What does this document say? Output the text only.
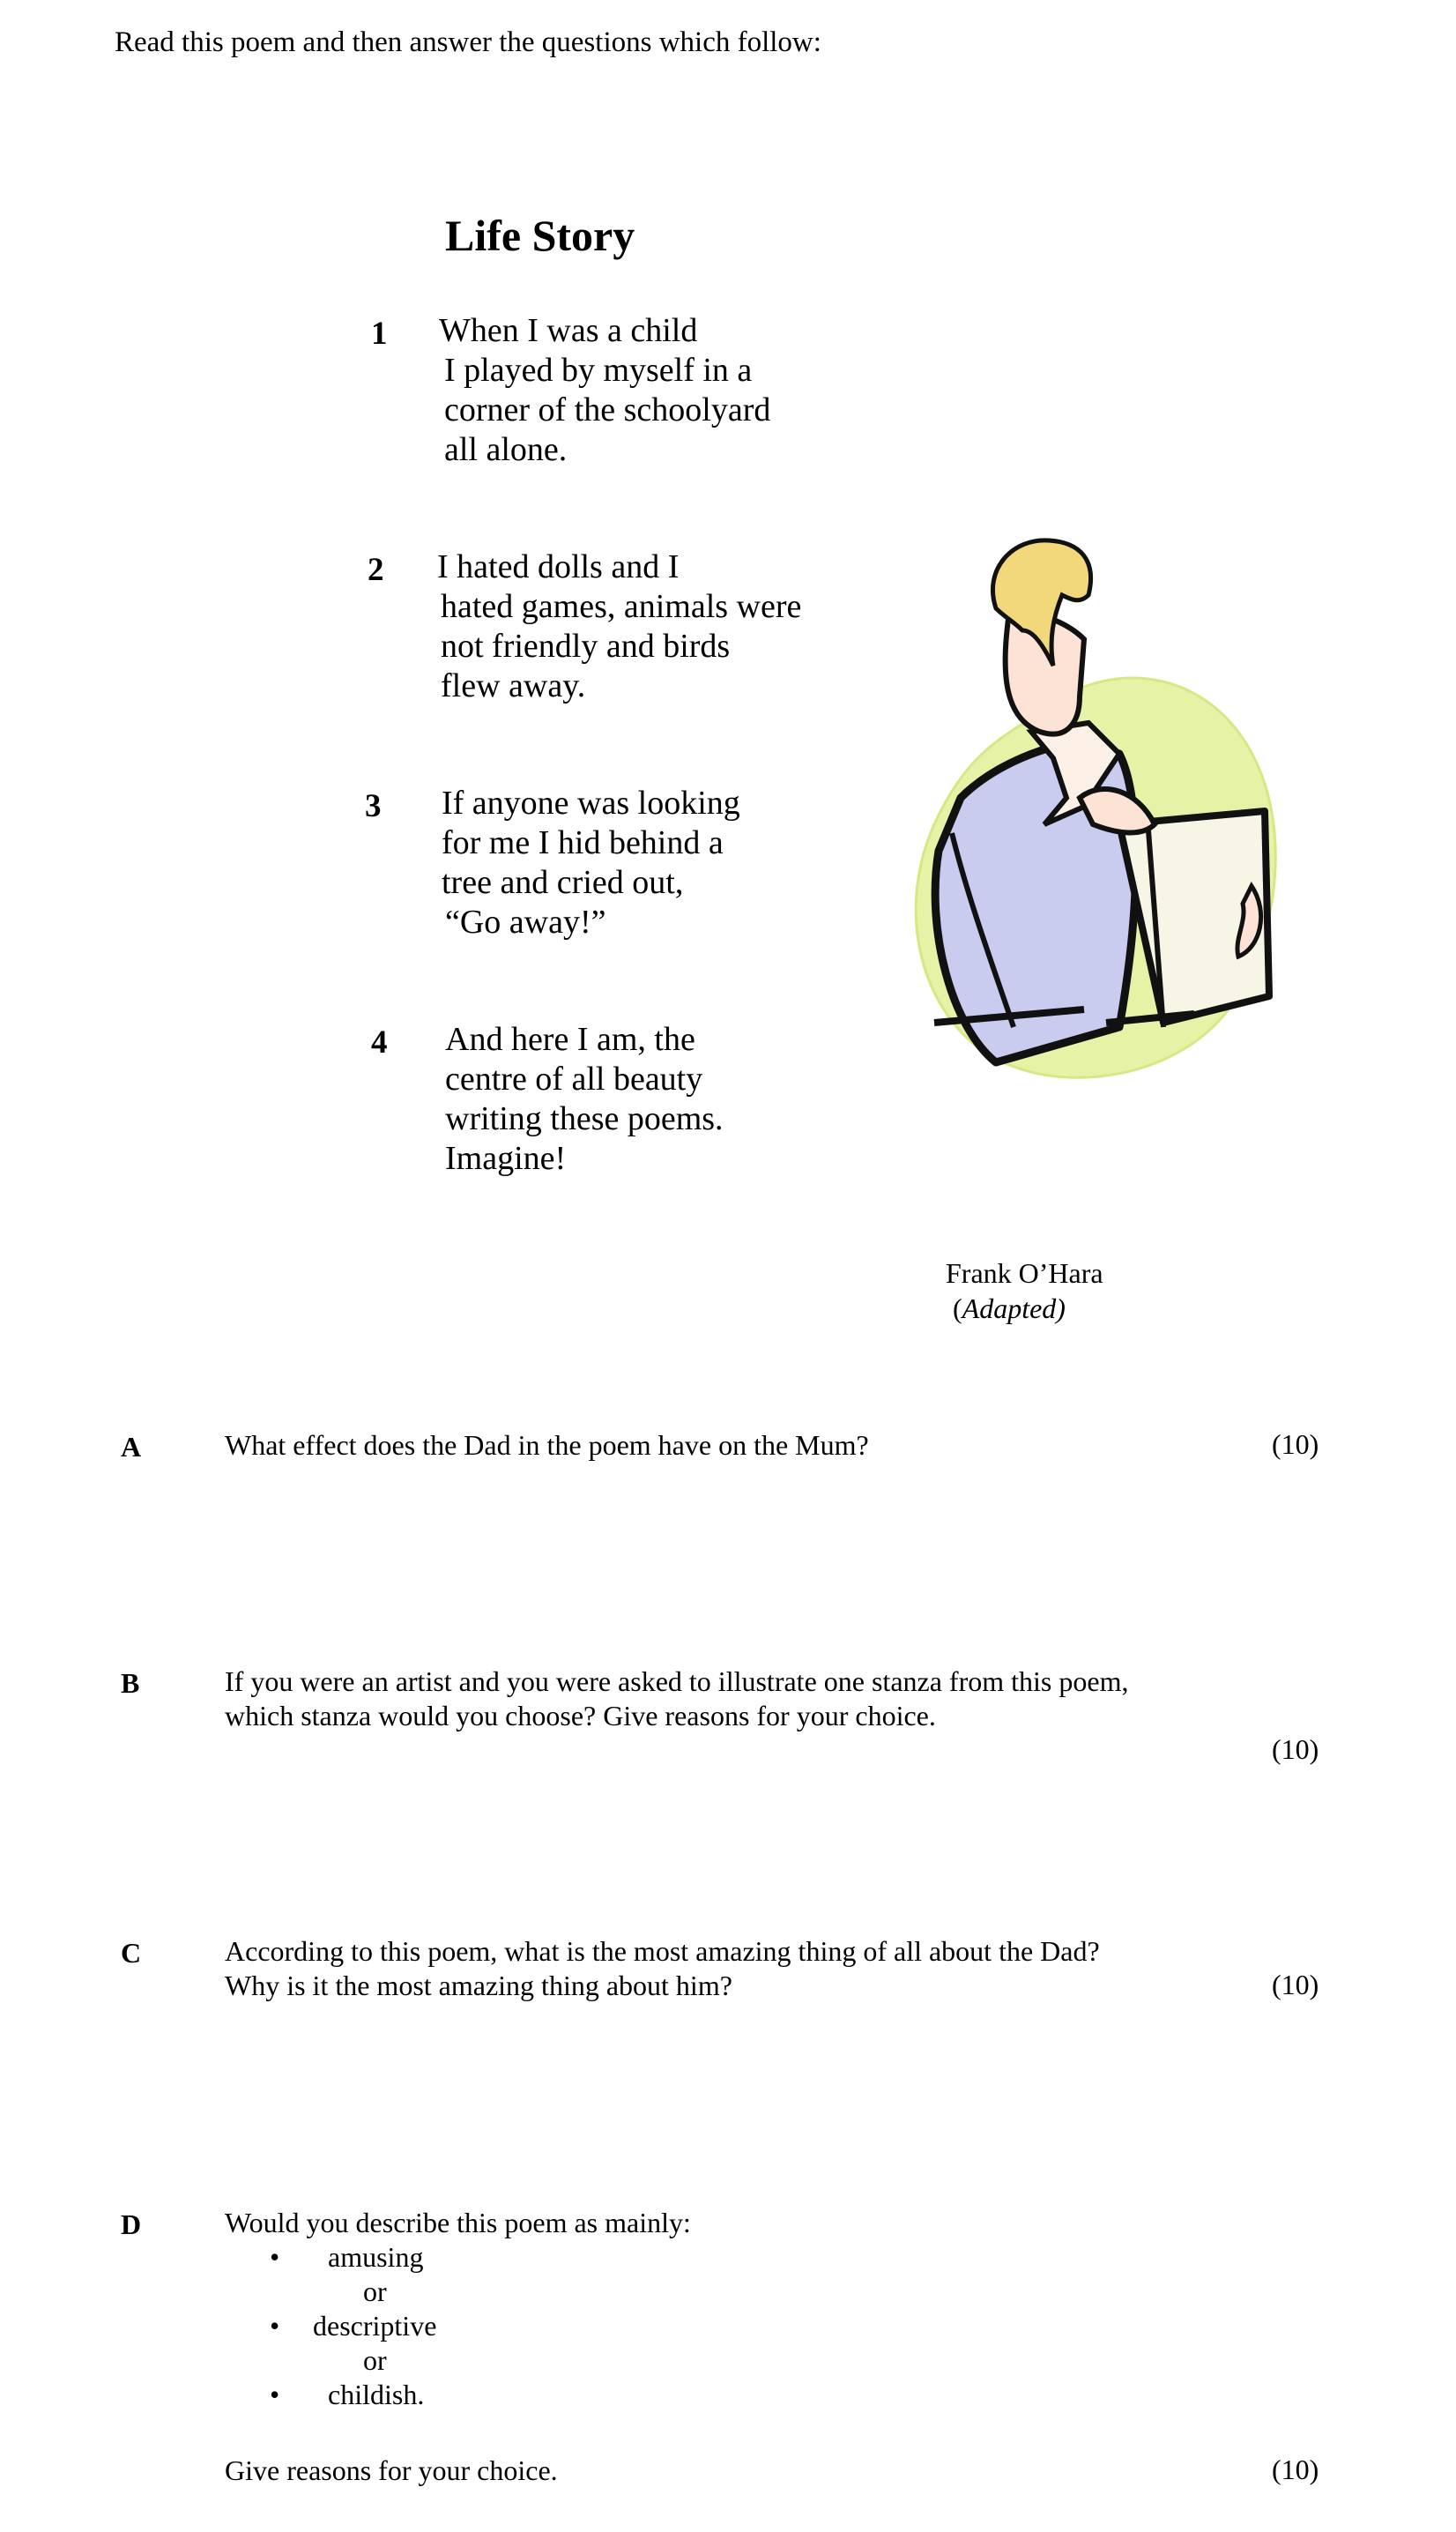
Read this poem and then answer the questions which follow:
Life Story
1 When I was a child
I played by myself in a
corner of the schoolyard
all alone.
2 I hated dolls and I
hated games, animals were
not friendly and birds
flew away.
3 If anyone was looking
for me I hid behind a
tree and cried out,
“Go away!”
4 And here I am, the
centre of all beauty
writing these poems.
Imagine!
Frank O’Hara
(Adapted)
A	What effect does the Dad in the poem have on the Mum?	(10)
B	If you were an artist and you were asked to illustrate one stanza from this poem,
which stanza would you choose? Give reasons for your choice.
(10)
C	According to this poem, what is the most amazing thing of all about the Dad?
Why is it the most amazing thing about him?	(10)
D	Would you describe this poem as mainly:
• amusing
or
• descriptive
or
• childish.
Give reasons for your choice.	(10)
